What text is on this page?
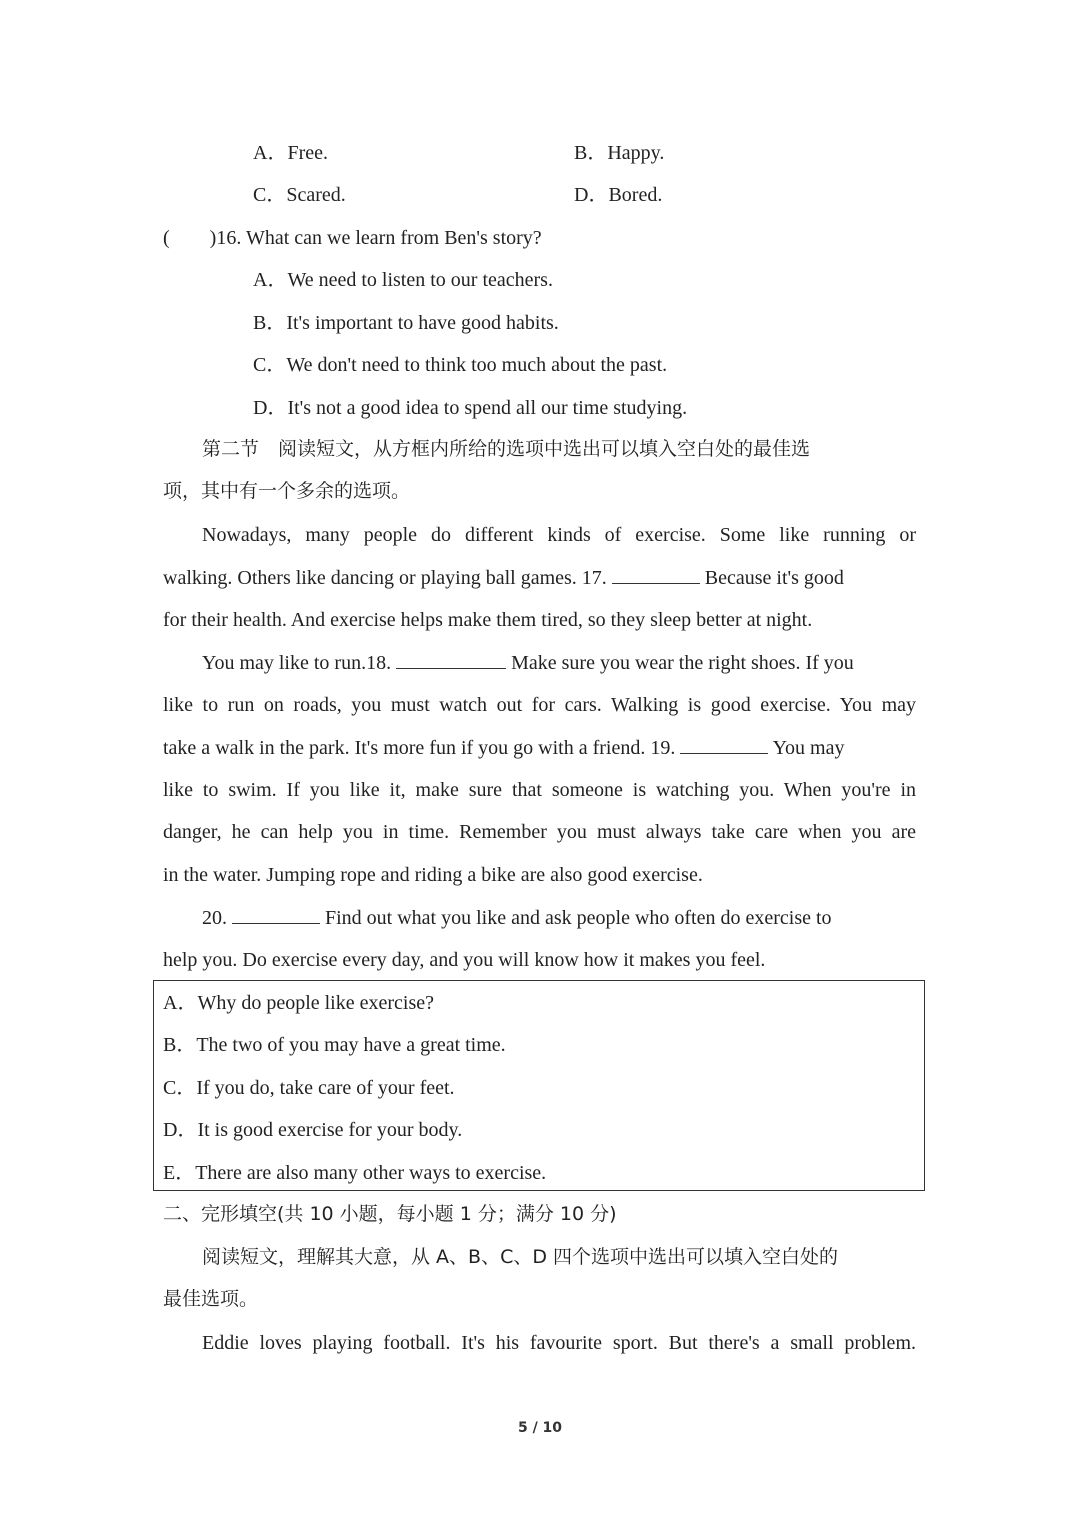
A．Free.	B．Happy.
C．Scared.	D．Bored.
(　　)16. What can we learn from Ben's story?
A．We need to listen to our teachers.
B．It's important to have good habits.
C．We don't need to think too much about the past.
D．It's not a good idea to spend all our time studying.
第二节　阅读短文，从方框内所给的选项中选出可以填入空白处的最佳选
项，其中有一个多余的选项。
Nowadays, many people do different kinds of exercise. Some like running or
walking. Others like dancing or playing ball games. 17.	Because it's good
for their health. And exercise helps make them tired, so they sleep better at night.
You may like to run.18.	Make sure you wear the right shoes. If you
like to run on roads, you must watch out for cars. Walking is good exercise. You may
take a walk in the park. It's more fun if you go with a friend. 19.	You may
like to swim. If you like it, make sure that someone is watching you. When you're in
danger, he can help you in time. Remember you must always take care when you are
in the water. Jumping rope and riding a bike are also good exercise.
20.	Find out what you like and ask people who often do exercise to
help you. Do exercise every day, and you will know how it makes you feel.
A．Why do people like exercise?
B．The two of you may have a great time.
C．If you do, take care of your feet.
D．It is good exercise for your body.
E．There are also many other ways to exercise.
二、完形填空(共 10 小题，每小题 1 分；满分 10 分)
阅读短文，理解其大意，从 A、B、C、D 四个选项中选出可以填入空白处的
最佳选项。
Eddie loves playing football. It's his favourite sport. But there's a small problem.
5 / 10
